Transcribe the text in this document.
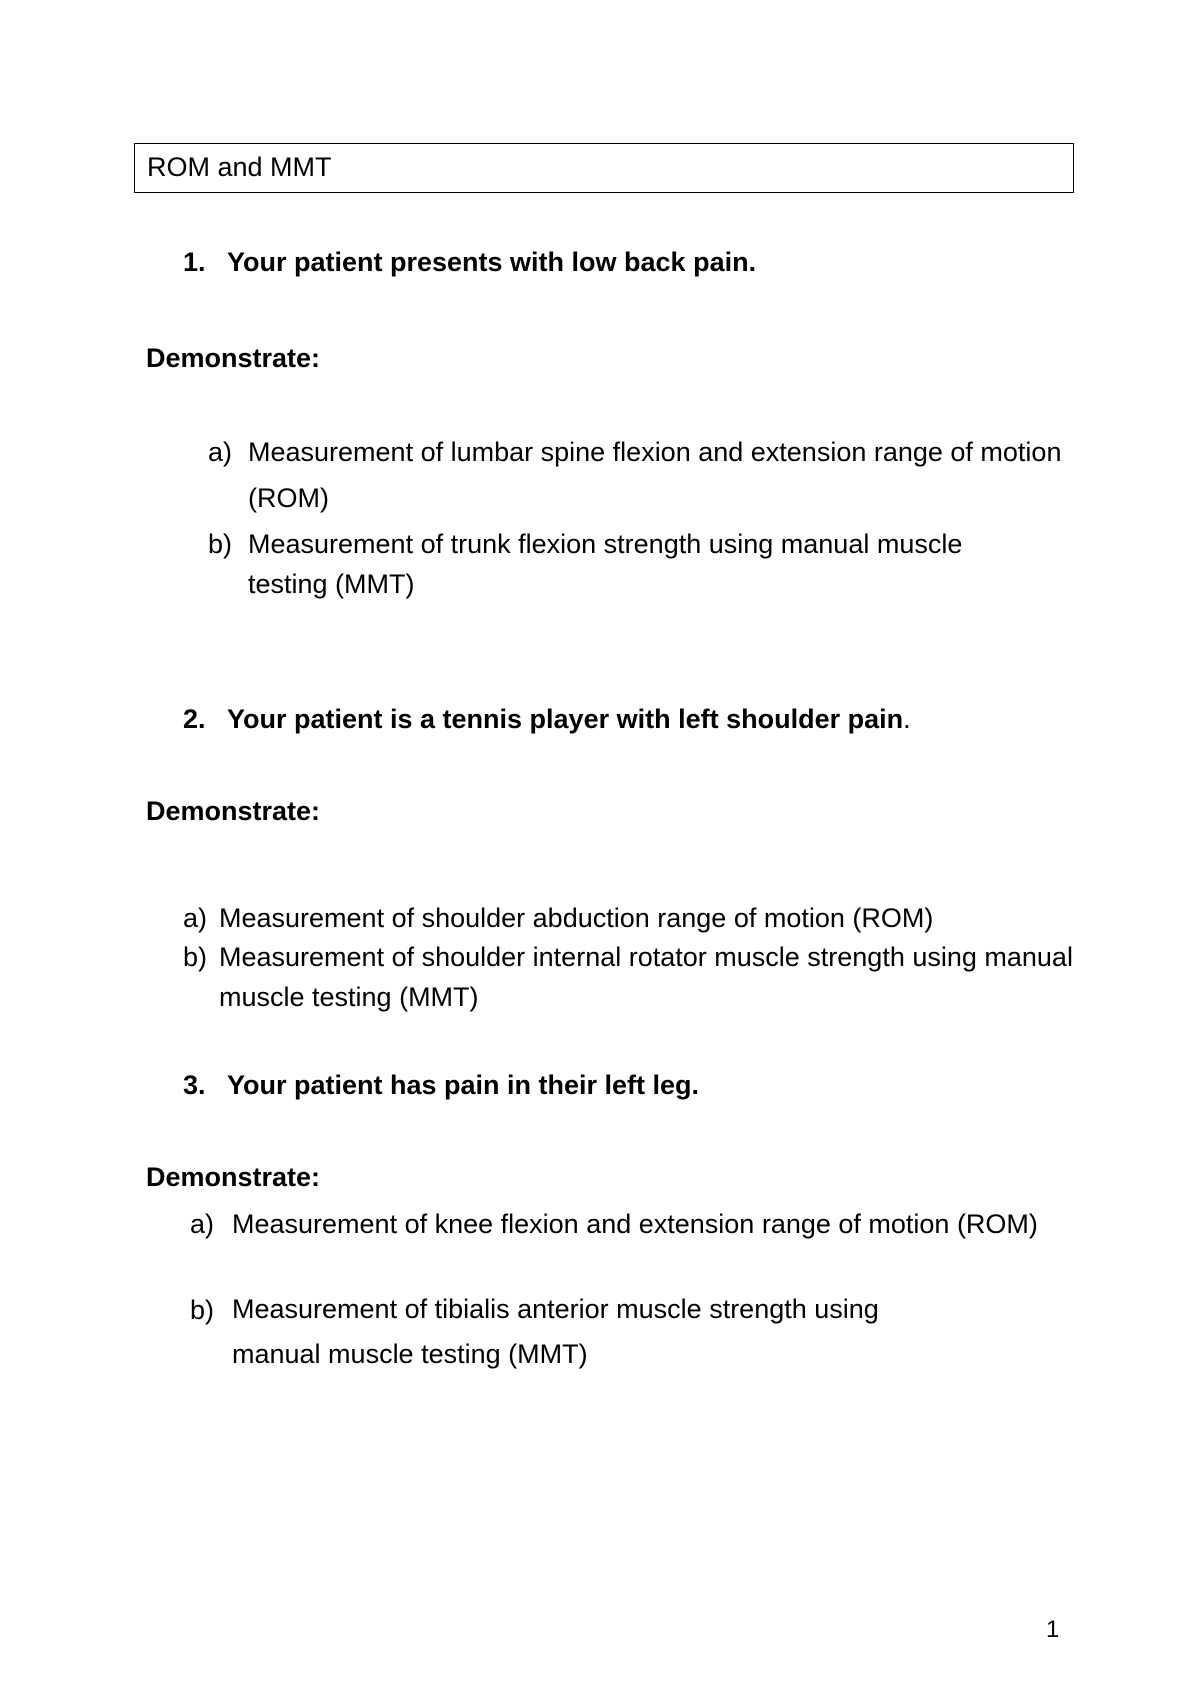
ROM and MMT
1. Your patient presents with low back pain.
Demonstrate:
a) Measurement of lumbar spine flexion and extension range of motion (ROM)
b) Measurement of trunk flexion strength using manual muscle testing (MMT)
2. Your patient is a tennis player with left shoulder pain.
Demonstrate:
a) Measurement of shoulder abduction range of motion (ROM)
b) Measurement of shoulder internal rotator muscle strength using manual muscle testing (MMT)
3. Your patient has pain in their left leg.
Demonstrate:
a) Measurement of knee flexion and extension range of motion (ROM)
b) Measurement of tibialis anterior muscle strength using manual muscle testing (MMT)
1
